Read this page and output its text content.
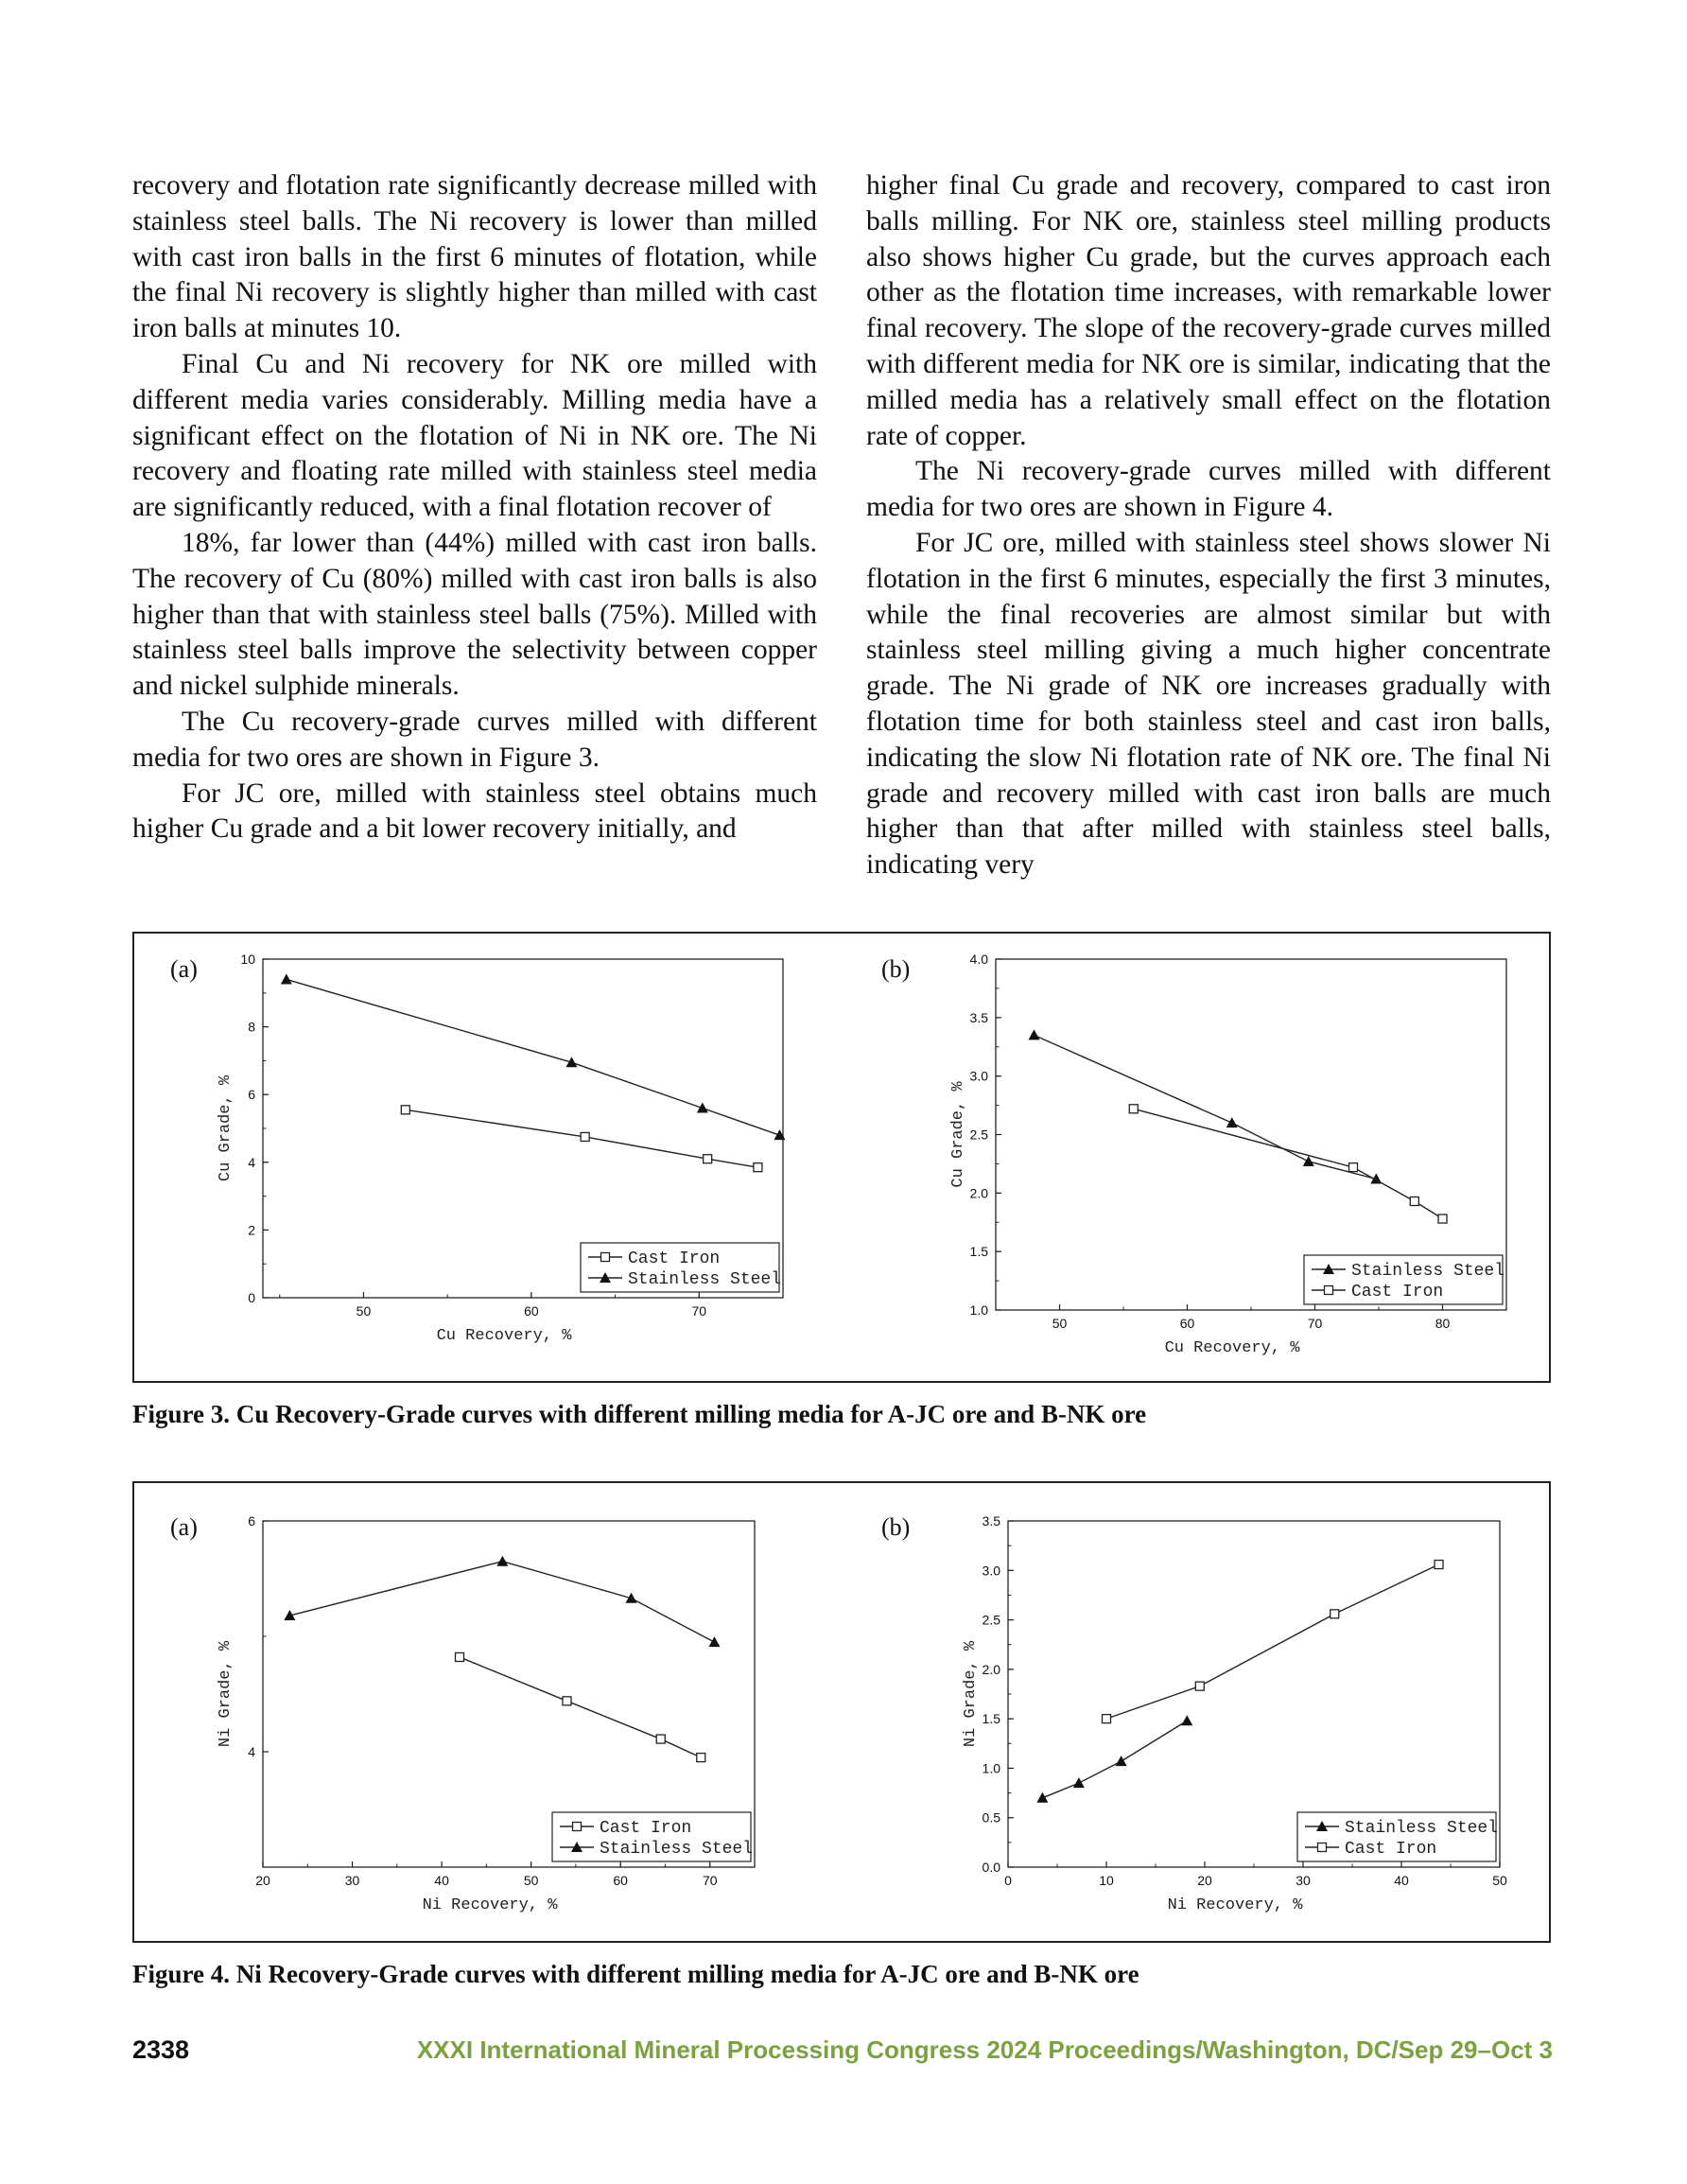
recovery and flotation rate significantly decrease milled with stainless steel balls. The Ni recovery is lower than milled with cast iron balls in the first 6 minutes of flotation, while the final Ni recovery is slightly higher than milled with cast iron balls at minutes 10.

Final Cu and Ni recovery for NK ore milled with different media varies considerably. Milling media have a significant effect on the flotation of Ni in NK ore. The Ni recovery and floating rate milled with stainless steel media are significantly reduced, with a final flotation recover of

18%, far lower than (44%) milled with cast iron balls. The recovery of Cu (80%) milled with cast iron balls is also higher than that with stainless steel balls (75%). Milled with stainless steel balls improve the selectivity between copper and nickel sulphide minerals.

The Cu recovery-grade curves milled with different media for two ores are shown in Figure 3.

For JC ore, milled with stainless steel obtains much higher Cu grade and a bit lower recovery initially, and

higher final Cu grade and recovery, compared to cast iron balls milling. For NK ore, stainless steel milling products also shows higher Cu grade, but the curves approach each other as the flotation time increases, with remarkable lower final recovery. The slope of the recovery-grade curves milled with different media for NK ore is similar, indicating that the milled media has a relatively small effect on the flotation rate of copper.

The Ni recovery-grade curves milled with different media for two ores are shown in Figure 4.

For JC ore, milled with stainless steel shows slower Ni flotation in the first 6 minutes, especially the first 3 minutes, while the final recoveries are almost similar but with stainless steel milling giving a much higher concentrate grade. The Ni grade of NK ore increases gradually with flotation time for both stainless steel and cast iron balls, indicating the slow Ni flotation rate of NK ore. The final Ni grade and recovery milled with cast iron balls are much higher than that after milled with stainless steel balls, indicating very

(a)
50	60	70
0
2
4
6
8
10
Cu Recovery, %
Cu Grade, %
Cast Iron
Stainless Steel
(b)
50	60	70	80
1.0
1.5
2.0
2.5
3.0
3.5
4.0
Cu Recovery, %
Cu Grade, %
Stainless Steel
Cast Iron
Figure 3. Cu Recovery-Grade curves with different milling media for A-JC ore and B-NK ore
(a)
20	30	40	50	60	70
4
6
Ni Recovery, %
Ni Grade, %
Cast Iron
Stainless Steel
(b)
0	10	20	30	40	50
0.0
0.5
1.0
1.5
2.0
2.5
3.0
3.5
Ni Recovery, %
Ni Grade, %
Stainless Steel
Cast Iron
Figure 4. Ni Recovery-Grade curves with different milling media for A-JC ore and B-NK ore
2338	XXXI International Mineral Processing Congress 2024 Proceedings/Washington, DC/Sep 29–Oct 3
